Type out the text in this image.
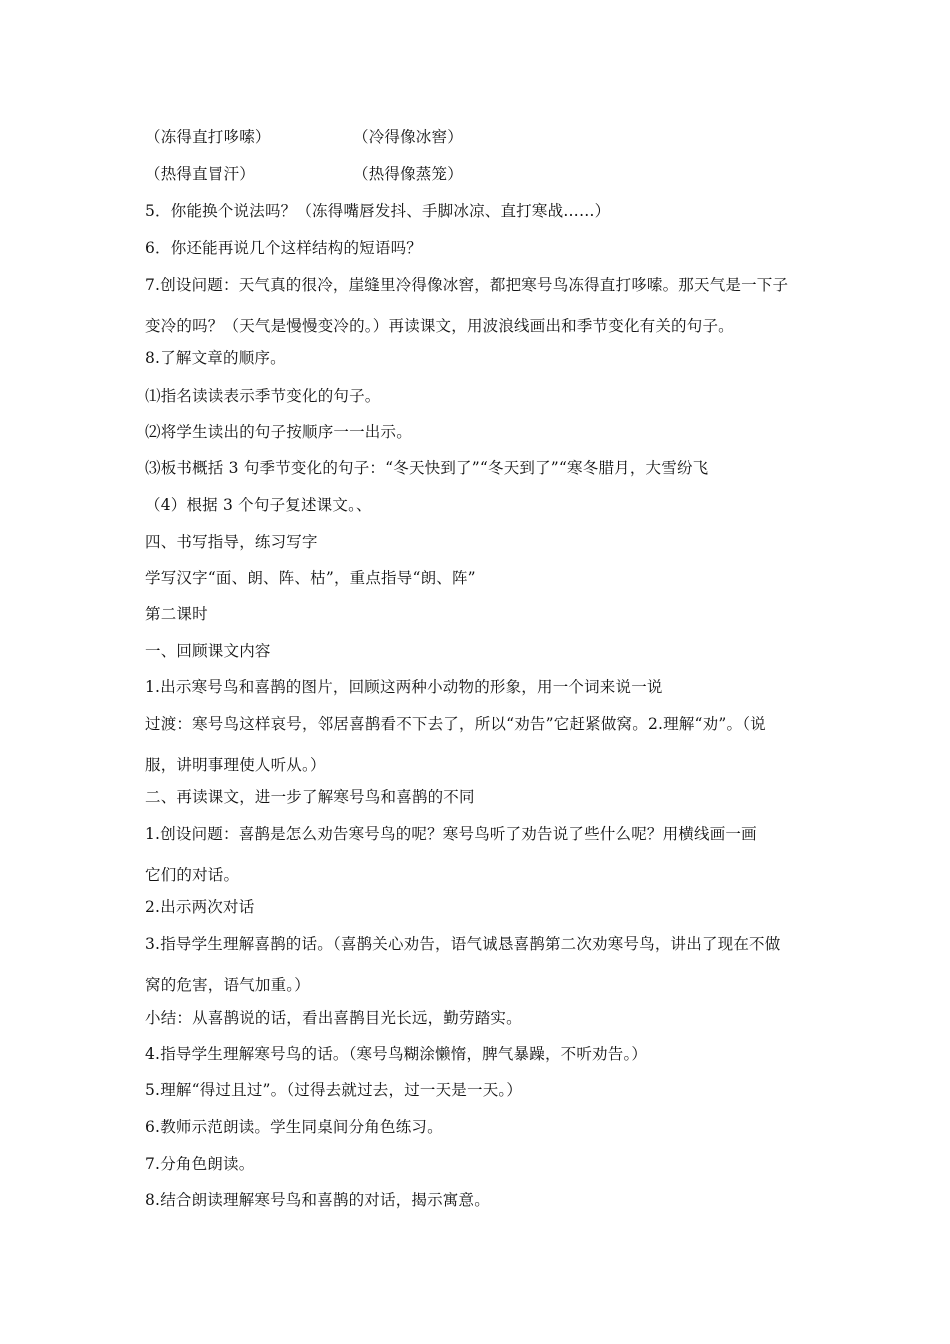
（冻得直打哆嗦）	（冷得像冰窖）
（热得直冒汗）	（热得像蒸笼）
5．你能换个说法吗？（冻得嘴唇发抖、手脚冰凉、直打寒战……）
6．你还能再说几个这样结构的短语吗？
7.创设问题：天气真的很冷，崖缝里冷得像冰窖，都把寒号鸟冻得直打哆嗦。那天气是一下子
变冷的吗？（天气是慢慢变冷的。）再读课文，用波浪线画出和季节变化有关的句子。
8.了解文章的顺序。
⑴指名读读表示季节变化的句子。
⑵将学生读出的句子按顺序一一出示。
⑶板书概括 3 句季节变化的句子：“冬天快到了”“冬天到了”“寒冬腊月，大雪纷飞
（4）根据 3 个句子复述课文。、
四、书写指导，练习写字
学写汉字“面、朗、阵、枯”，重点指导“朗、阵”
第二课时
一、回顾课文内容
1.出示寒号鸟和喜鹊的图片，回顾这两种小动物的形象，用一个词来说一说
过渡：寒号鸟这样哀号，邻居喜鹊看不下去了，所以“劝告”它赶紧做窝。2.理解“劝”。（说
服，讲明事理使人听从。）
二、再读课文，进一步了解寒号鸟和喜鹊的不同
1.创设问题：喜鹊是怎么劝告寒号鸟的呢？寒号鸟听了劝告说了些什么呢？用横线画一画
它们的对话。
2.出示两次对话
3.指导学生理解喜鹊的话。（喜鹊关心劝告，语气诚恳喜鹊第二次劝寒号鸟，讲出了现在不做
窝的危害，语气加重。）
小结：从喜鹊说的话，看出喜鹊目光长远，勤劳踏实。
4.指导学生理解寒号鸟的话。（寒号鸟糊涂懒惰，脾气暴躁，不听劝告。）
5.理解“得过且过”。（过得去就过去，过一天是一天。）
6.教师示范朗读。学生同桌间分角色练习。
7.分角色朗读。
8.结合朗读理解寒号鸟和喜鹊的对话，揭示寓意。
